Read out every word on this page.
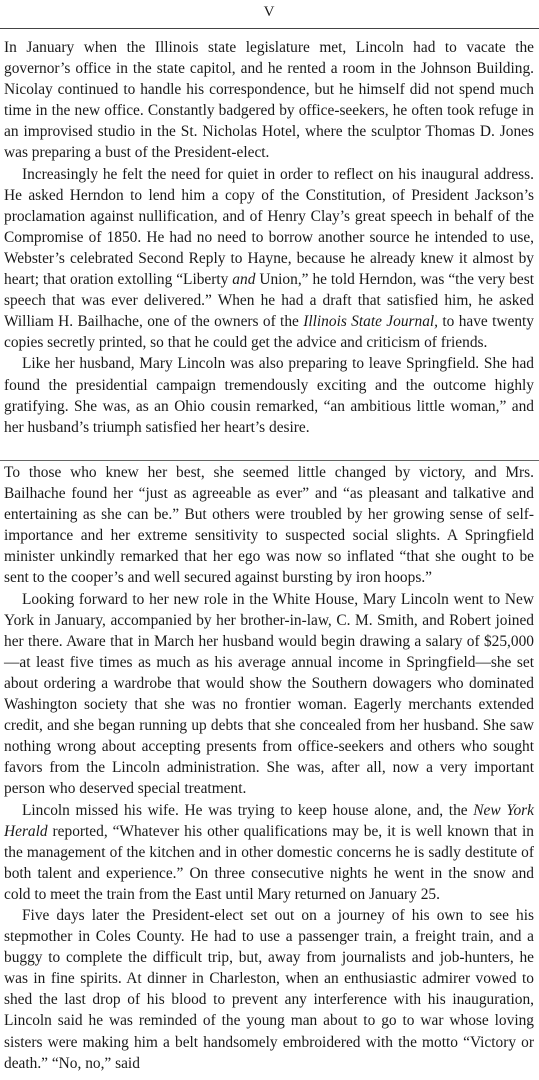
V

In January when the Illinois state legislature met, Lincoln had to vacate the governor’s office in the state capitol, and he rented a room in the Johnson Building. Nicolay continued to handle his correspondence, but he himself did not spend much time in the new office. Constantly badgered by office-seekers, he often took refuge in an improvised studio in the St. Nicholas Hotel, where the sculptor Thomas D. Jones was preparing a bust of the President-elect.

Increasingly he felt the need for quiet in order to reflect on his inaugural address. He asked Herndon to lend him a copy of the Constitution, of President Jackson’s proclamation against nullification, and of Henry Clay’s great speech in behalf of the Compromise of 1850. He had no need to borrow another source he intended to use, Webster’s celebrated Second Reply to Hayne, because he already knew it almost by heart; that oration extolling “Liberty and Union,” he told Herndon, was “the very best speech that was ever delivered.” When he had a draft that satisfied him, he asked William H. Bailhache, one of the owners of the Illinois State Journal, to have twenty copies secretly printed, so that he could get the advice and criticism of friends.

Like her husband, Mary Lincoln was also preparing to leave Springfield. She had found the presidential campaign tremendously exciting and the outcome highly gratifying. She was, as an Ohio cousin remarked, “an ambitious little woman,” and her husband’s triumph satisfied her heart’s desire.

To those who knew her best, she seemed little changed by victory, and Mrs. Bailhache found her “just as agreeable as ever” and “as pleasant and talkative and entertaining as she can be.” But others were troubled by her growing sense of self-importance and her extreme sensitivity to suspected social slights. A Springfield minister unkindly remarked that her ego was now so inflated “that she ought to be sent to the cooper’s and well secured against bursting by iron hoops.”

Looking forward to her new role in the White House, Mary Lincoln went to New York in January, accompanied by her brother-in-law, C. M. Smith, and Robert joined her there. Aware that in March her husband would begin drawing a salary of $25,000—at least five times as much as his average annual income in Springfield—she set about ordering a wardrobe that would show the Southern dowagers who dominated Washington society that she was no frontier woman. Eagerly merchants extended credit, and she began running up debts that she concealed from her husband. She saw nothing wrong about accepting presents from office-seekers and others who sought favors from the Lincoln administration. She was, after all, now a very important person who deserved special treatment.

Lincoln missed his wife. He was trying to keep house alone, and, the New York Herald reported, “Whatever his other qualifications may be, it is well known that in the management of the kitchen and in other domestic concerns he is sadly destitute of both talent and experience.” On three consecutive nights he went in the snow and cold to meet the train from the East until Mary returned on January 25.

Five days later the President-elect set out on a journey of his own to see his stepmother in Coles County. He had to use a passenger train, a freight train, and a buggy to complete the difficult trip, but, away from journalists and job-hunters, he was in fine spirits. At dinner in Charleston, when an enthusiastic admirer vowed to shed the last drop of his blood to prevent any interference with his inauguration, Lincoln said he was reminded of the young man about to go to war whose loving sisters were making him a belt handsomely embroidered with the motto “Victory or death.” “No, no,” said
